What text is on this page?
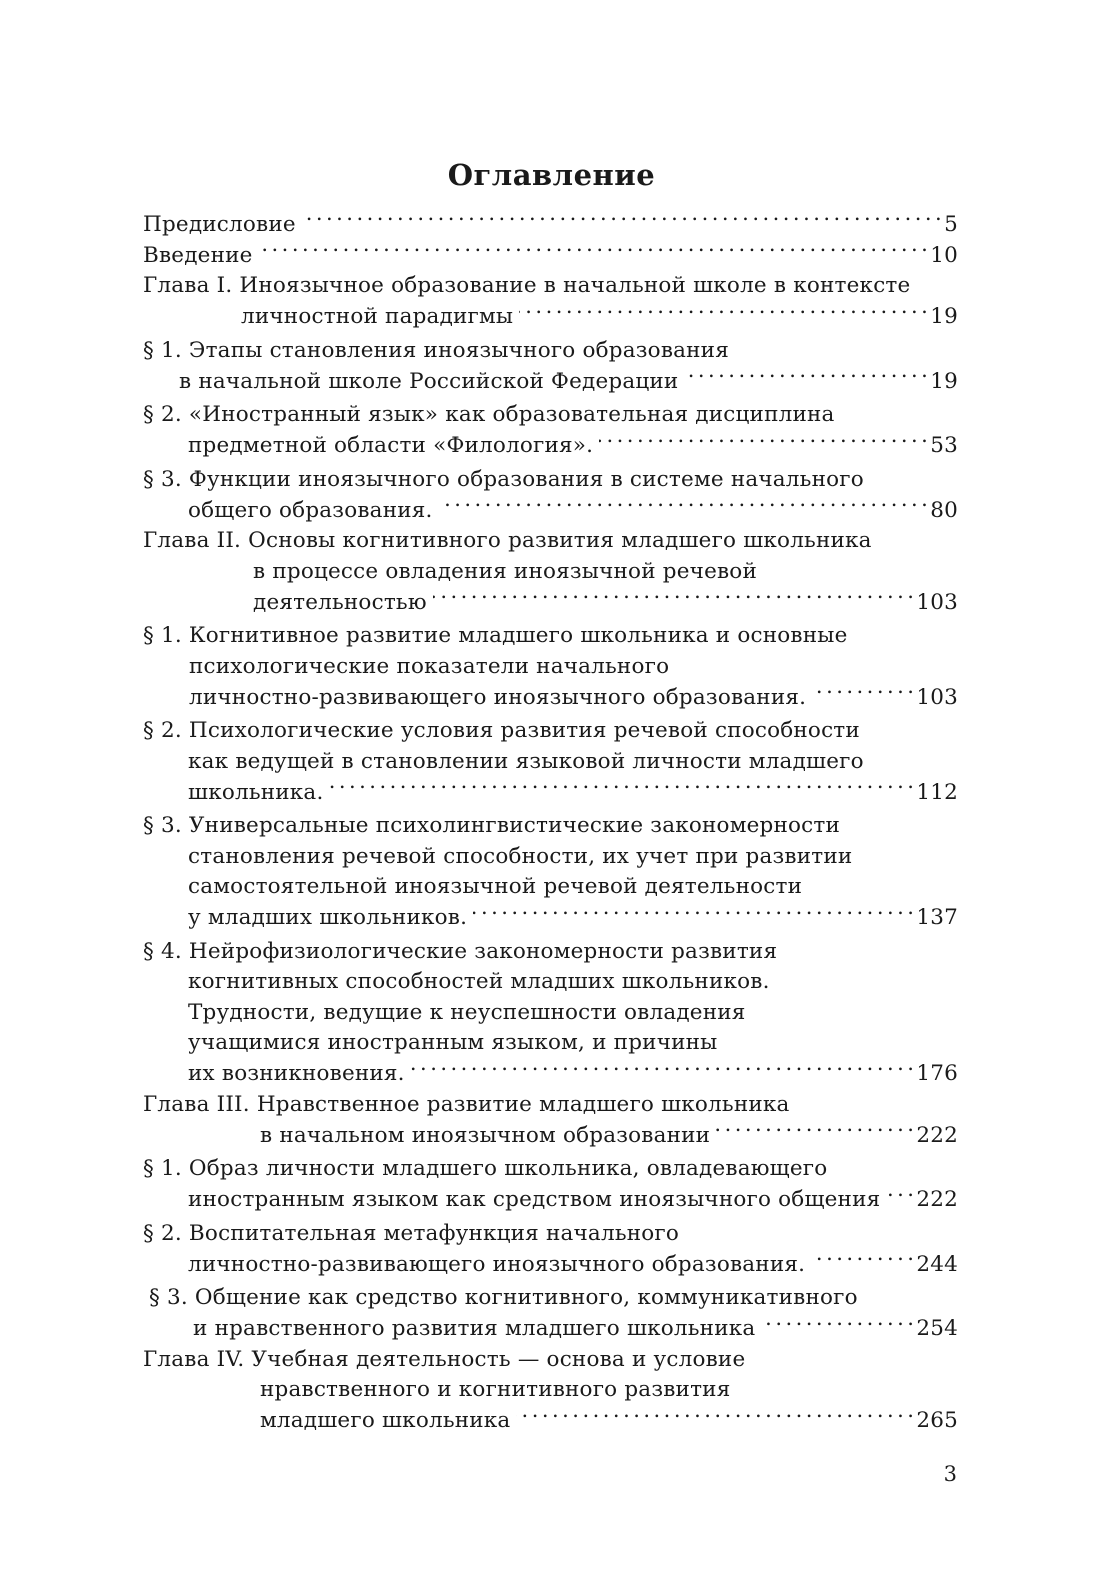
Оглавление
Предисловие . . .	5
Введение . . .	10
Глава I. Иноязычное образование в начальной школе в контексте
личностной парадигмы . . .	19
§ 1. Этапы становления иноязычного образования
в начальной школе Российской Федерации . . .	19
§ 2. «Иностранный язык» как образовательная дисциплина
предметной области «Филология». . . .	53
§ 3. Функции иноязычного образования в системе начального
общего образования. . . .	80
Глава II. Основы когнитивного развития младшего школьника
в процессе овладения иноязычной речевой
деятельностью . . .	103
§ 1. Когнитивное развитие младшего школьника и основные
психологические показатели начального
личностно-развивающего иноязычного образования. . . .	103
§ 2. Психологические условия развития речевой способности
как ведущей в становлении языковой личности младшего
школьника. . . .	112
§ 3. Универсальные психолингвистические закономерности
становления речевой способности, их учет при развитии
самостоятельной иноязычной речевой деятельности
у младших школьников. . . .	137
§ 4. Нейрофизиологические закономерности развития
когнитивных способностей младших школьников.
Трудности, ведущие к неуспешности овладения
учащимися иностранным языком, и причины
их возникновения. . . .	176
Глава III. Нравственное развитие младшего школьника
в начальном иноязычном образовании . . .	222
§ 1. Образ личности младшего школьника, овладевающего
иностранным языком как средством иноязычного общения . . . 222
§ 2. Воспитательная метафункция начального
личностно-развивающего иноязычного образования. . . .	244
§ 3. Общение как средство когнитивного, коммуникативного
и нравственного развития младшего школьника . . .	254
Глава IV. Учебная деятельность — основа и условие
нравственного и когнитивного развития
младшего школьника . . .	265
3
